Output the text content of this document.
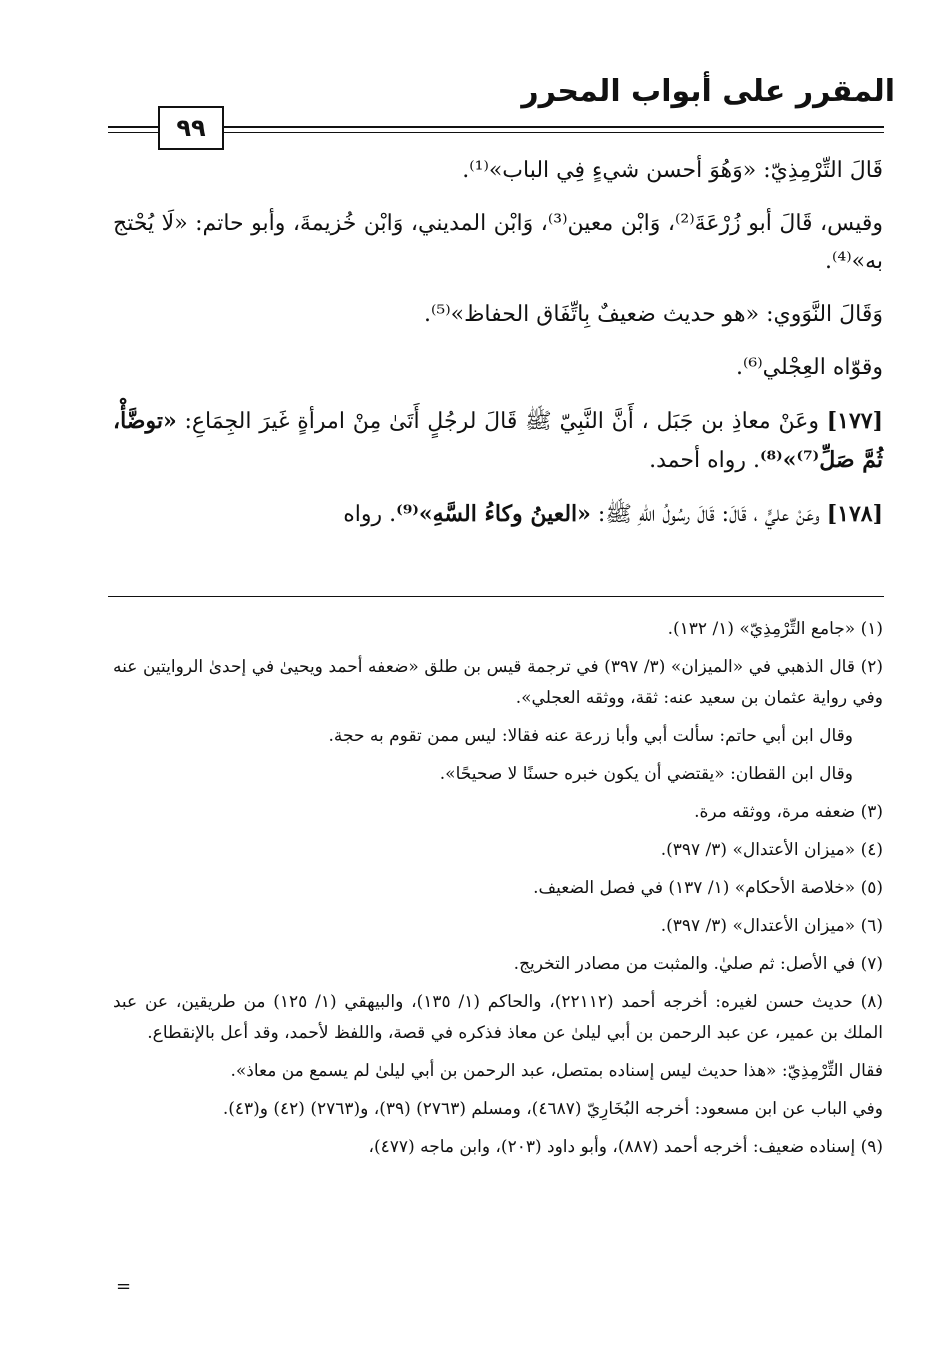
المقرر على أبواب المحرر
٩٩

قَالَ التِّرْمِذِيّ: «وَهُوَ أحسن شيءٍ فِي الباب»⁽¹⁾.

وقيس، قَالَ أبو زُرْعَةَ⁽²⁾، وَابْن معين⁽³⁾، وَابْن المديني، وَابْن خُزيمةَ، وأبو حاتم: «لَا يُحْتج به»⁽⁴⁾.

وَقَالَ النَّوَوي: «هو حديث ضعيفٌ بِاتِّفَاق الحفاظ»⁽⁵⁾.

وقوّاه العِجْلي⁽⁶⁾.

[١٧٧] وعَنْ معاذِ بن جَبَل ، أَنَّ النَّبِيّ ﷺ قَالَ لرجُلٍ أَتَىٰ مِنْ امرأةٍ غَيرَ الجِمَاعِ: «توضَّأْ، ثُمَّ صَلِّ⁽⁷⁾»⁽⁸⁾. رواه أحمد.

[١٧٨] وعَنْ عليٍّ ، قَالَ: قَالَ رسُولُ اللهِ ﷺ: «العينُ وكاءُ السَّهِ»⁽⁹⁾. رواه

(١) «جامع التِّرْمِذِيّ» (١/ ١٣٢).

(٢) قال الذهبي في «الميزان» (٣/ ٣٩٧) في ترجمة قيس بن طلق «ضعفه أحمد ويحيىٰ في إحدىٰ الروايتين عنه وفي رواية عثمان بن سعيد عنه: ثقة، ووثقه العجلي».

وقال ابن أبي حاتم: سألت أبي وأبا زرعة عنه فقالا: ليس ممن تقوم به حجة.

وقال ابن القطان: «يقتضي أن يكون خبره حسنًا لا صحيحًا».

(٣) ضعفه مرة، ووثقه مرة.

(٤) «ميزان الأعتدال» (٣/ ٣٩٧).

(٥) «خلاصة الأحكام» (١/ ١٣٧) في فصل الضعيف.

(٦) «ميزان الأعتدال» (٣/ ٣٩٧).

(٧) في الأصل: ثم صليٰ. والمثبت من مصادر التخريج.

(٨) حديث حسن لغيره: أخرجه أحمد (٢٢١١٢)، والحاكم (١/ ١٣٥)، والبيهقي (١/ ١٢٥) من طريقين، عن عبد الملك بن عمير، عن عبد الرحمن بن أبي ليلىٰ عن معاذ فذكره في قصة، واللفظ لأحمد، وقد أعل بالإنقطاع.

فقال التِّرْمِذِيّ: «هذا حديث ليس إسناده بمتصل، عبد الرحمن بن أبي ليلىٰ لم يسمع من معاذ».

وفي الباب عن ابن مسعود: أخرجه البُخَارِيّ (٤٦٨٧)، ومسلم (٢٧٦٣) (٣٩)، و(٢٧٦٣) (٤٢) و(٤٣).

(٩) إسناده ضعيف: أخرجه أحمد (٨٨٧)، وأبو داود (٢٠٣)، وابن ماجه (٤٧٧)،

=
